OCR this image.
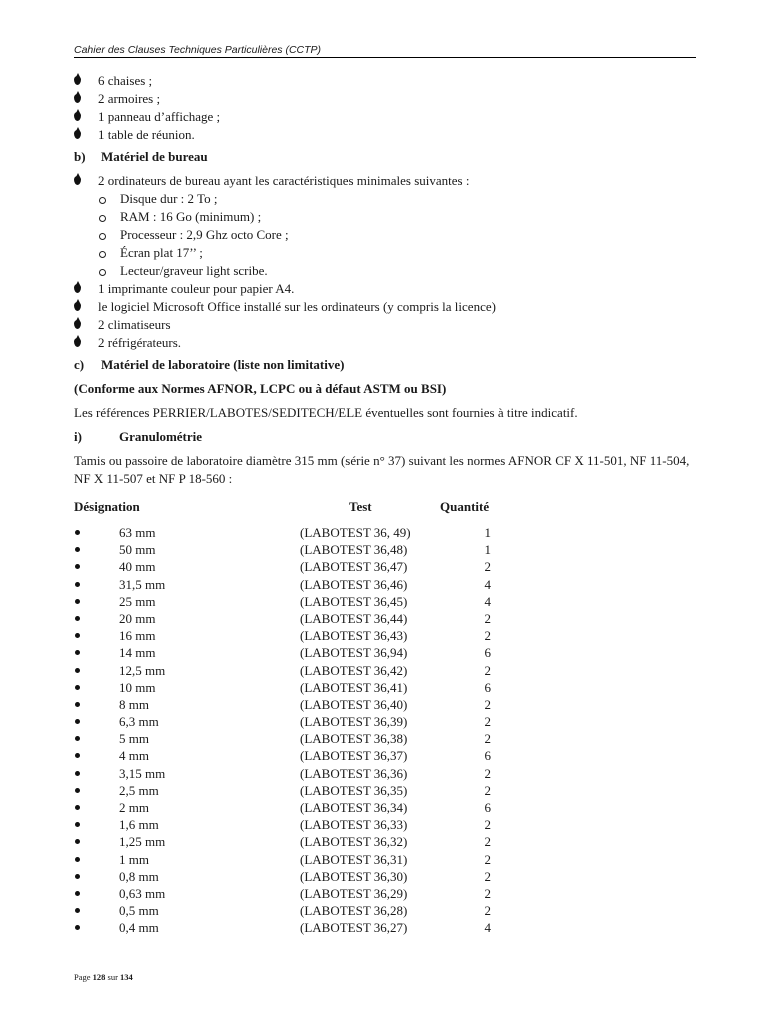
Cahier des Clauses Techniques Particulières (CCTP)
6 chaises ;
2 armoires ;
1 panneau d’affichage ;
1 table de réunion.
b) Matériel de bureau
2 ordinateurs de bureau ayant les caractéristiques minimales suivantes :
Disque dur : 2 To ;
RAM : 16 Go (minimum) ;
Processeur : 2,9 Ghz octo Core ;
Écran plat 17’’ ;
Lecteur/graveur light scribe.
1 imprimante couleur pour papier A4.
le logiciel Microsoft Office installé sur les ordinateurs (y compris la licence)
2 climatiseurs
2 réfrigérateurs.
c) Matériel de laboratoire (liste non limitative)
(Conforme aux Normes AFNOR, LCPC ou à défaut ASTM ou BSI)
Les références PERRIER/LABOTES/SEDITECH/ELE éventuelles sont fournies à titre indicatif.
i)	Granulométrie
Tamis ou passoire de laboratoire diamètre 315 mm (série n° 37) suivant les normes AFNOR CF X 11-501, NF 11-504, NF X 11-507 et NF P 18-560 :
Désignation	Test	Quantité
63 mm	(LABOTEST 36, 49)	1
50 mm	(LABOTEST 36,48)	1
40 mm	(LABOTEST 36,47)	2
31,5 mm	(LABOTEST 36,46)	4
25 mm	(LABOTEST 36,45)	4
20 mm	(LABOTEST 36,44)	2
16 mm	(LABOTEST 36,43)	2
14 mm	(LABOTEST 36,94)	6
12,5 mm	(LABOTEST 36,42)	2
10 mm	(LABOTEST 36,41)	6
8 mm	(LABOTEST 36,40)	2
6,3 mm	(LABOTEST 36,39)	2
5 mm	(LABOTEST 36,38)	2
4 mm	(LABOTEST 36,37)	6
3,15 mm	(LABOTEST 36,36)	2
2,5 mm	(LABOTEST 36,35)	2
2 mm	(LABOTEST 36,34)	6
1,6 mm	(LABOTEST 36,33)	2
1,25 mm	(LABOTEST 36,32)	2
1 mm	(LABOTEST 36,31)	2
0,8 mm	(LABOTEST 36,30)	2
0,63 mm	(LABOTEST 36,29)	2
0,5 mm	(LABOTEST 36,28)	2
0,4 mm	(LABOTEST 36,27)	4
Page 128 sur 134
